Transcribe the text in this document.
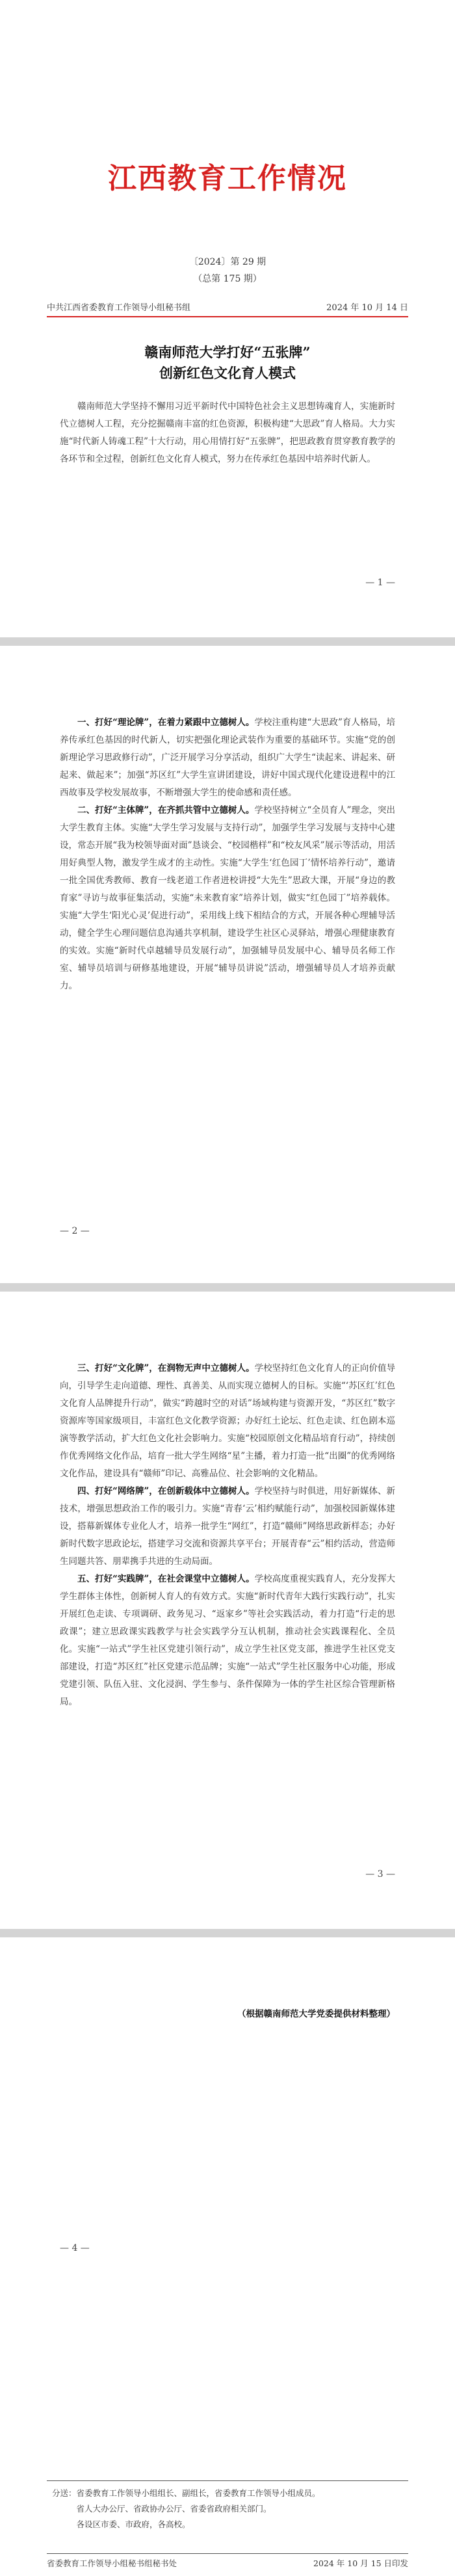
江西教育工作情况
〔2024〕第 29 期
（总第 175 期）
中共江西省委教育工作领导小组秘书组	2024 年 10 月 14 日
赣南师范大学打好“五张牌”
创新红色文化育人模式

赣南师范大学坚持不懈用习近平新时代中国特色社会主义思想铸魂育人，实施新时代立德树人工程，充分挖掘赣南丰富的红色资源，积极构建“大思政”育人格局。大力实施“时代新人铸魂工程”十大行动，用心用情打好“五张牌”，把思政教育贯穿教育教学的各环节和全过程，创新红色文化育人模式，努力在传承红色基因中培养时代新人。

— 1 —

一、打好“理论牌”，在着力紧跟中立德树人。学校注重构建“大思政”育人格局，培养传承红色基因的时代新人，切实把强化理论武装作为重要的基础环节。实施“党的创新理论学习思政修行动”，广泛开展学习分享活动，组织广大学生“读起来、讲起来、研起来、做起来”；加强“苏区红”大学生宣讲团建设，讲好中国式现代化建设进程中的江西故事及学校发展故事，不断增强大学生的使命感和责任感。

二、打好“主体牌”，在齐抓共管中立德树人。学校坚持树立“全员育人”理念，突出大学生教育主体。实施“大学生学习发展与支持行动”，加强学生学习发展与支持中心建设，常态开展“我为校领导面对面”恳谈会、“校园楷样”和“校友风采”展示等活动，用活用好典型人物，激发学生成才的主动性。实施“大学生‘红色园丁’情怀培养行动”，邀请一批全国优秀教师、教育一线老道工作者进校讲授“大先生”思政大课，开展“身边的教育家”寻访与故事征集活动，实施“未来教育家”培养计划，做实“红色园丁”培养载体。实施“大学生‘阳光心灵’促进行动”，采用线上线下相结合的方式，开展各种心理辅导活动，健全学生心理问题信息沟通共享机制，建设学生社区心灵驿站，增强心理健康教育的实效。实施“新时代卓越辅导员发展行动”，加强辅导员发展中心、辅导员名师工作室、辅导员培训与研修基地建设，开展“辅导员讲说”活动，增强辅导员人才培养贡献力。

— 2 —

三、打好“文化牌”，在润物无声中立德树人。学校坚持红色文化育人的正向价值导向，引导学生走向道德、理性、真善美、从而实现立德树人的目标。实施“‘苏区红’红色文化育人品牌提升行动”，做实“跨越时空的对话”场域构建与资源开发，“苏区红”数字资源库等国家级项目，丰富红色文化教学资源；办好红土论坛、红色走读、红色剧本巡演等教学活动，扩大红色文化社会影响力。实施“校园原创文化精品培育行动”，持续创作优秀网络文化作品，培育一批大学生网络“星”主播，着力打造一批“出圈”的优秀网络文化作品，建设具有“赣师”印记、高雅品位、社会影响的文化精品。

四、打好“网络牌”，在创新载体中立德树人。学校坚持与时俱进，用好新媒体、新技术，增强思想政治工作的吸引力。实施“青春‘云’相约赋能行动”，加强校园新媒体建设，搭幕新媒体专业化人才，培养一批学生“网红”，打造“赣师”网络思政新样态；办好新时代数字思政论坛，搭建学习交流和资源共享平台；开展青春“云”相约活动，营造师生同题共答、朋辈携手共进的生动局面。

五、打好“实践牌”，在社会课堂中立德树人。学校高度重视实践育人，充分发挥大学生群体主体性，创新树人育人的有效方式。实施“新时代青年大践行实践行动”，扎实开展红色走读、专项调研、政务见习、“返家乡”等社会实践活动，着力打造“行走的思政课”；建立思政课实践教学与社会实践学分互认机制，推动社会实践课程化、全员化。实施“一站式”学生社区党建引领行动”，成立学生社区党支部，推进学生社区党支部建设，打造“苏区红”社区党建示范品牌；实施“一站式”学生社区服务中心功能，形成党建引领、队伍入驻、文化浸润、学生参与、条件保障为一体的学生社区综合管理新格局。

— 3 —

（根据赣南师范大学党委提供材料整理）

— 4 —
分送：省委教育工作领导小组组长、副组长，省委教育工作领导小组成员。
省人大办公厅、省政协办公厅、省委省政府相关部门。
各设区市委、市政府，各高校。
省委教育工作领导小组秘书组秘书处	2024 年 10 月 15 日印发
